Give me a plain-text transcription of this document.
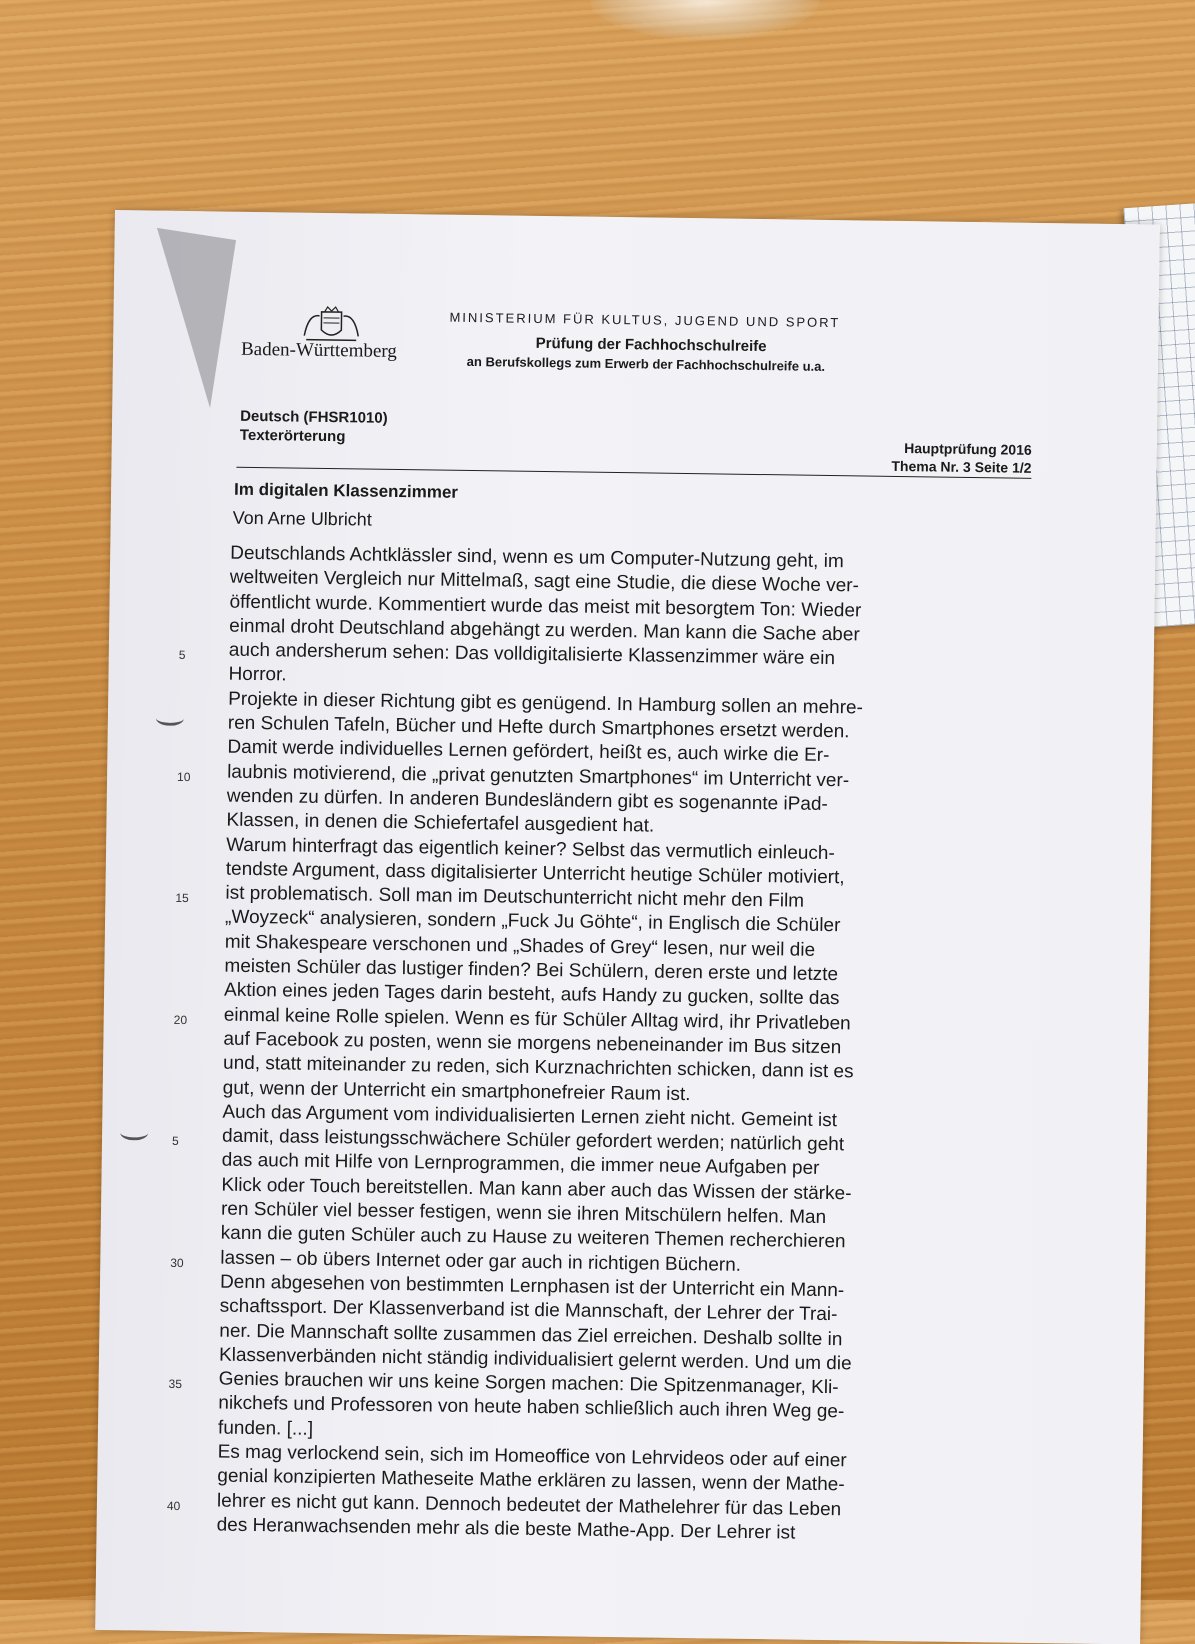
Baden-Württemberg
MINISTERIUM FÜR KULTUS, JUGEND UND SPORT
Prüfung der Fachhochschulreife
an Berufskollegs zum Erwerb der Fachhochschulreife u.a.
Deutsch (FHSR1010)
Texterörterung
Hauptprüfung 2016
Thema Nr. 3 Seite 1/2
Im digitalen Klassenzimmer
Von Arne Ulbricht
Deutschlands Achtklässler sind, wenn es um Computer-Nutzung geht, im
weltweiten Vergleich nur Mittelmaß, sagt eine Studie, die diese Woche ver-
öffentlicht wurde. Kommentiert wurde das meist mit besorgtem Ton: Wieder
einmal droht Deutschland abgehängt zu werden. Man kann die Sache aber
5	auch andersherum sehen: Das volldigitalisierte Klassenzimmer wäre ein
Horror.
Projekte in dieser Richtung gibt es genügend. In Hamburg sollen an mehre-
ren Schulen Tafeln, Bücher und Hefte durch Smartphones ersetzt werden.
Damit werde individuelles Lernen gefördert, heißt es, auch wirke die Er-
10	laubnis motivierend, die „privat genutzten Smartphones“ im Unterricht ver-
wenden zu dürfen. In anderen Bundesländern gibt es sogenannte iPad-
Klassen, in denen die Schiefertafel ausgedient hat.
Warum hinterfragt das eigentlich keiner? Selbst das vermutlich einleuch-
tendste Argument, dass digitalisierter Unterricht heutige Schüler motiviert,
15	ist problematisch. Soll man im Deutschunterricht nicht mehr den Film
„Woyzeck“ analysieren, sondern „Fuck Ju Göhte“, in Englisch die Schüler
mit Shakespeare verschonen und „Shades of Grey“ lesen, nur weil die
meisten Schüler das lustiger finden? Bei Schülern, deren erste und letzte
Aktion eines jeden Tages darin besteht, aufs Handy zu gucken, sollte das
20	einmal keine Rolle spielen. Wenn es für Schüler Alltag wird, ihr Privatleben
auf Facebook zu posten, wenn sie morgens nebeneinander im Bus sitzen
und, statt miteinander zu reden, sich Kurznachrichten schicken, dann ist es
gut, wenn der Unterricht ein smartphonefreier Raum ist.
Auch das Argument vom individualisierten Lernen zieht nicht. Gemeint ist
5	damit, dass leistungsschwächere Schüler gefordert werden; natürlich geht
das auch mit Hilfe von Lernprogrammen, die immer neue Aufgaben per
Klick oder Touch bereitstellen. Man kann aber auch das Wissen der stärke-
ren Schüler viel besser festigen, wenn sie ihren Mitschülern helfen. Man
kann die guten Schüler auch zu Hause zu weiteren Themen recherchieren
30	lassen – ob übers Internet oder gar auch in richtigen Büchern.
Denn abgesehen von bestimmten Lernphasen ist der Unterricht ein Mann-
schaftssport. Der Klassenverband ist die Mannschaft, der Lehrer der Trai-
ner. Die Mannschaft sollte zusammen das Ziel erreichen. Deshalb sollte in
Klassenverbänden nicht ständig individualisiert gelernt werden. Und um die
35	Genies brauchen wir uns keine Sorgen machen: Die Spitzenmanager, Kli-
nikchefs und Professoren von heute haben schließlich auch ihren Weg ge-
funden. [...]
Es mag verlockend sein, sich im Homeoffice von Lehrvideos oder auf einer
genial konzipierten Matheseite Mathe erklären zu lassen, wenn der Mathe-
40	lehrer es nicht gut kann. Dennoch bedeutet der Mathelehrer für das Leben
des Heranwachsenden mehr als die beste Mathe-App. Der Lehrer ist
